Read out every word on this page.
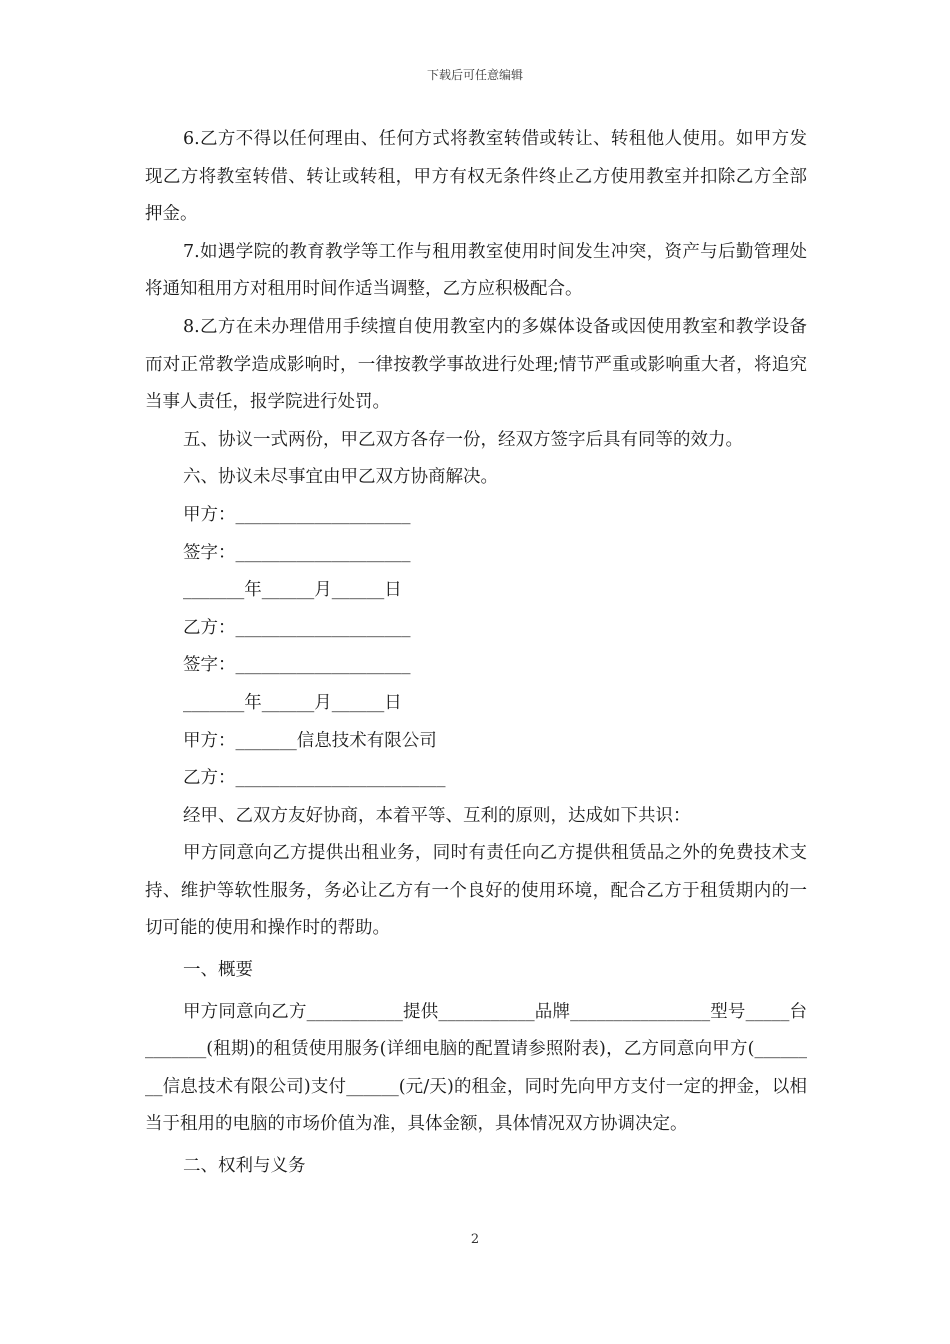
下载后可任意编辑

6.乙方不得以任何理由、任何方式将教室转借或转让、转租他人使用。如甲方发现乙方将教室转借、转让或转租，甲方有权无条件终止乙方使用教室并扣除乙方全部押金。

7.如遇学院的教育教学等工作与租用教室使用时间发生冲突，资产与后勤管理处将通知租用方对租用时间作适当调整，乙方应积极配合。

8.乙方在未办理借用手续擅自使用教室内的多媒体设备或因使用教室和教学设备而对正常教学造成影响时，一律按教学事故进行处理;情节严重或影响重大者，将追究当事人责任，报学院进行处罚。

五、协议一式两份，甲乙双方各存一份，经双方签字后具有同等的效力。

六、协议未尽事宜由甲乙双方协商解决。

甲方：____________________

签字：____________________

_______年______月______日

乙方：____________________

签字：____________________

_______年______月______日

甲方：_______信息技术有限公司

乙方：________________________

经甲、乙双方友好协商，本着平等、互利的原则，达成如下共识：

甲方同意向乙方提供出租业务，同时有责任向乙方提供租赁品之外的免费技术支持、维护等软性服务，务必让乙方有一个良好的使用环境，配合乙方于租赁期内的一切可能的使用和操作时的帮助。

一、概要

甲方同意向乙方___________提供___________品牌________________型号_____台_______(租期)的租赁使用服务(详细电脑的配置请参照附表)，乙方同意向甲方(________信息技术有限公司)支付______(元/天)的租金，同时先向甲方支付一定的押金，以相当于租用的电脑的市场价值为准，具体金额，具体情况双方协调决定。

二、权利与义务

2
